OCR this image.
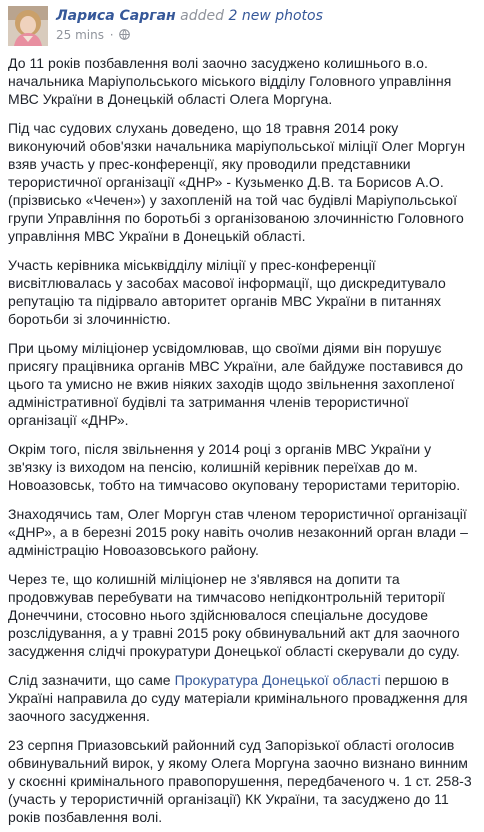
Лариса Сарган added 2 new photos
25 mins ·

До 11 років позбавлення волі заочно засуджено колишнього в.о. начальника Маріупольського міського відділу Головного управління МВС України в Донецькій області Олега Моргуна.

Під час судових слухань доведено, що 18 травня 2014 року виконуючий обов'язки начальника маріупольської міліції Олег Моргун взяв участь у прес-конференції, яку проводили представники терористичної організації «ДНР» - Кузьменко Д.В. та Борисов А.О. (прізвисько «Чечен») у захопленій на той час будівлі Маріупольської групи Управління по боротьбі з організованою злочинністю Головного управління МВС України в Донецькій області.

Участь керівника міськвідділу міліції у прес-конференції висвітлювалась у засобах масової інформації, що дискредитувало репутацію та підірвало авторитет органів МВС України в питаннях боротьби зі злочинністю.

При цьому міліціонер усвідомлював, що своїми діями він порушує присягу працівника органів МВС України, але байдуже поставився до цього та умисно не вжив ніяких заходів щодо звільнення захопленої адміністративної будівлі та затримання членів терористичної організації «ДНР».

Окрім того, після звільнення у 2014 році з органів МВС України у зв'язку із виходом на пенсію, колишній керівник переїхав до м. Новоазовськ, тобто на тимчасово окуповану терористами територію.

Знаходячись там, Олег Моргун став членом терористичної організації «ДНР», а в березні 2015 року навіть очолив незаконний орган влади – адміністрацію Новоазовського району.

Через те, що колишній міліціонер не з'являвся на допити та продовжував перебувати на тимчасово непідконтрольній території Донеччини, стосовно нього здійснювалося спеціальне досудове розслідування, а у травні 2015 року обвинувальний акт для заочного засудження слідчі прокуратури Донецької області скерували до суду.

Слід зазначити, що саме Прокуратура Донецької області першою в Україні направила до суду матеріали кримінального провадження для заочного засудження.

23 серпня Приазовський районний суд Запорізької області оголосив обвинувальний вирок, у якому Олега Моргуна заочно визнано винним у скоєнні кримінального правопорушення, передбаченого ч. 1 ст. 258-3 (участь у терористичній організації) КК України, та засуджено до 11 років позбавлення волі.
